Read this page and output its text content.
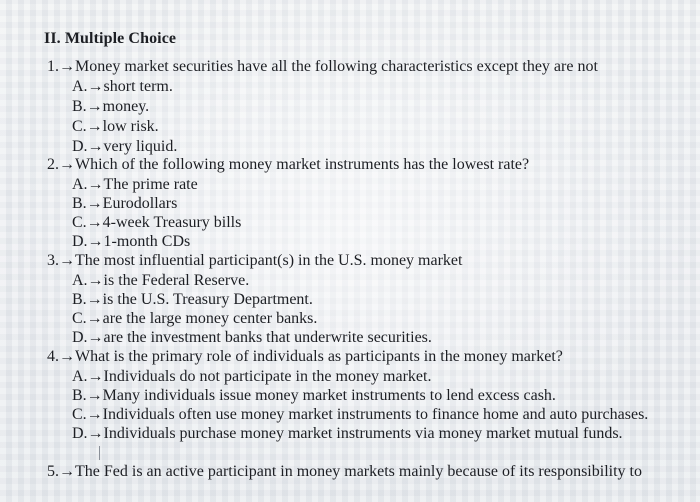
II. Multiple Choice
1.→Money market securities have all the following characteristics except they are not
A.→short term.
B.→money.
C.→low risk.
D.→very liquid.
2.→Which of the following money market instruments has the lowest rate?
A.→The prime rate
B.→Eurodollars
C.→4-week Treasury bills
D.→1-month CDs
3.→The most influential participant(s) in the U.S. money market
A.→is the Federal Reserve.
B.→is the U.S. Treasury Department.
C.→are the large money center banks.
D.→are the investment banks that underwrite securities.
4.→What is the primary role of individuals as participants in the money market?
A.→Individuals do not participate in the money market.
B.→Many individuals issue money market instruments to lend excess cash.
C.→Individuals often use money market instruments to finance home and auto purchases.
D.→Individuals purchase money market instruments via money market mutual funds.
5.→The Fed is an active participant in money markets mainly because of its responsibility to
